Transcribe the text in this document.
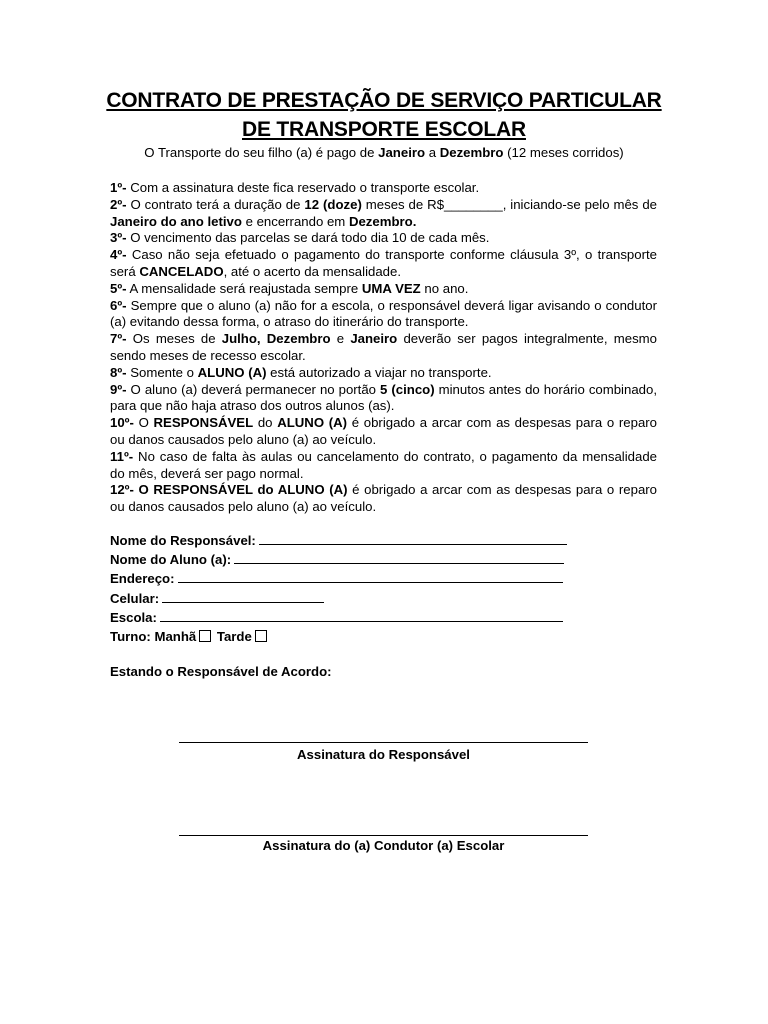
CONTRATO DE PRESTAÇÃO DE SERVIÇO PARTICULAR DE TRANSPORTE ESCOLAR
O Transporte do seu filho (a) é pago de Janeiro a Dezembro (12 meses corridos)
1º- Com a assinatura deste fica reservado o transporte escolar.
2º- O contrato terá a duração de 12 (doze) meses de R$________, iniciando-se pelo mês de Janeiro do ano letivo e encerrando em Dezembro.
3º- O vencimento das parcelas se dará todo dia 10 de cada mês.
4º- Caso não seja efetuado o pagamento do transporte conforme cláusula 3º, o transporte será CANCELADO, até o acerto da mensalidade.
5º- A mensalidade será reajustada sempre UMA VEZ no ano.
6º- Sempre que o aluno (a) não for a escola, o responsável deverá ligar avisando o condutor (a) evitando dessa forma, o atraso do itinerário do transporte.
7º- Os meses de Julho, Dezembro e Janeiro deverão ser pagos integralmente, mesmo sendo meses de recesso escolar.
8º- Somente o ALUNO (A) está autorizado a viajar no transporte.
9º- O aluno (a) deverá permanecer no portão 5 (cinco) minutos antes do horário combinado, para que não haja atraso dos outros alunos (as).
10º- O RESPONSÁVEL do ALUNO (A) é obrigado a arcar com as despesas para o reparo ou danos causados pelo aluno (a) ao veículo.
11º- No caso de falta às aulas ou cancelamento do contrato, o pagamento da mensalidade do mês, deverá ser pago normal.
12º- O RESPONSÁVEL do ALUNO (A) é obrigado a arcar com as despesas para o reparo ou danos causados pelo aluno (a) ao veículo.
Nome do Responsável:
Nome do Aluno (a):
Endereço:
Celular:
Escola:
Turno: Manhã Tarde
Estando o Responsável de Acordo:
Assinatura do Responsável
Assinatura do (a) Condutor (a) Escolar
